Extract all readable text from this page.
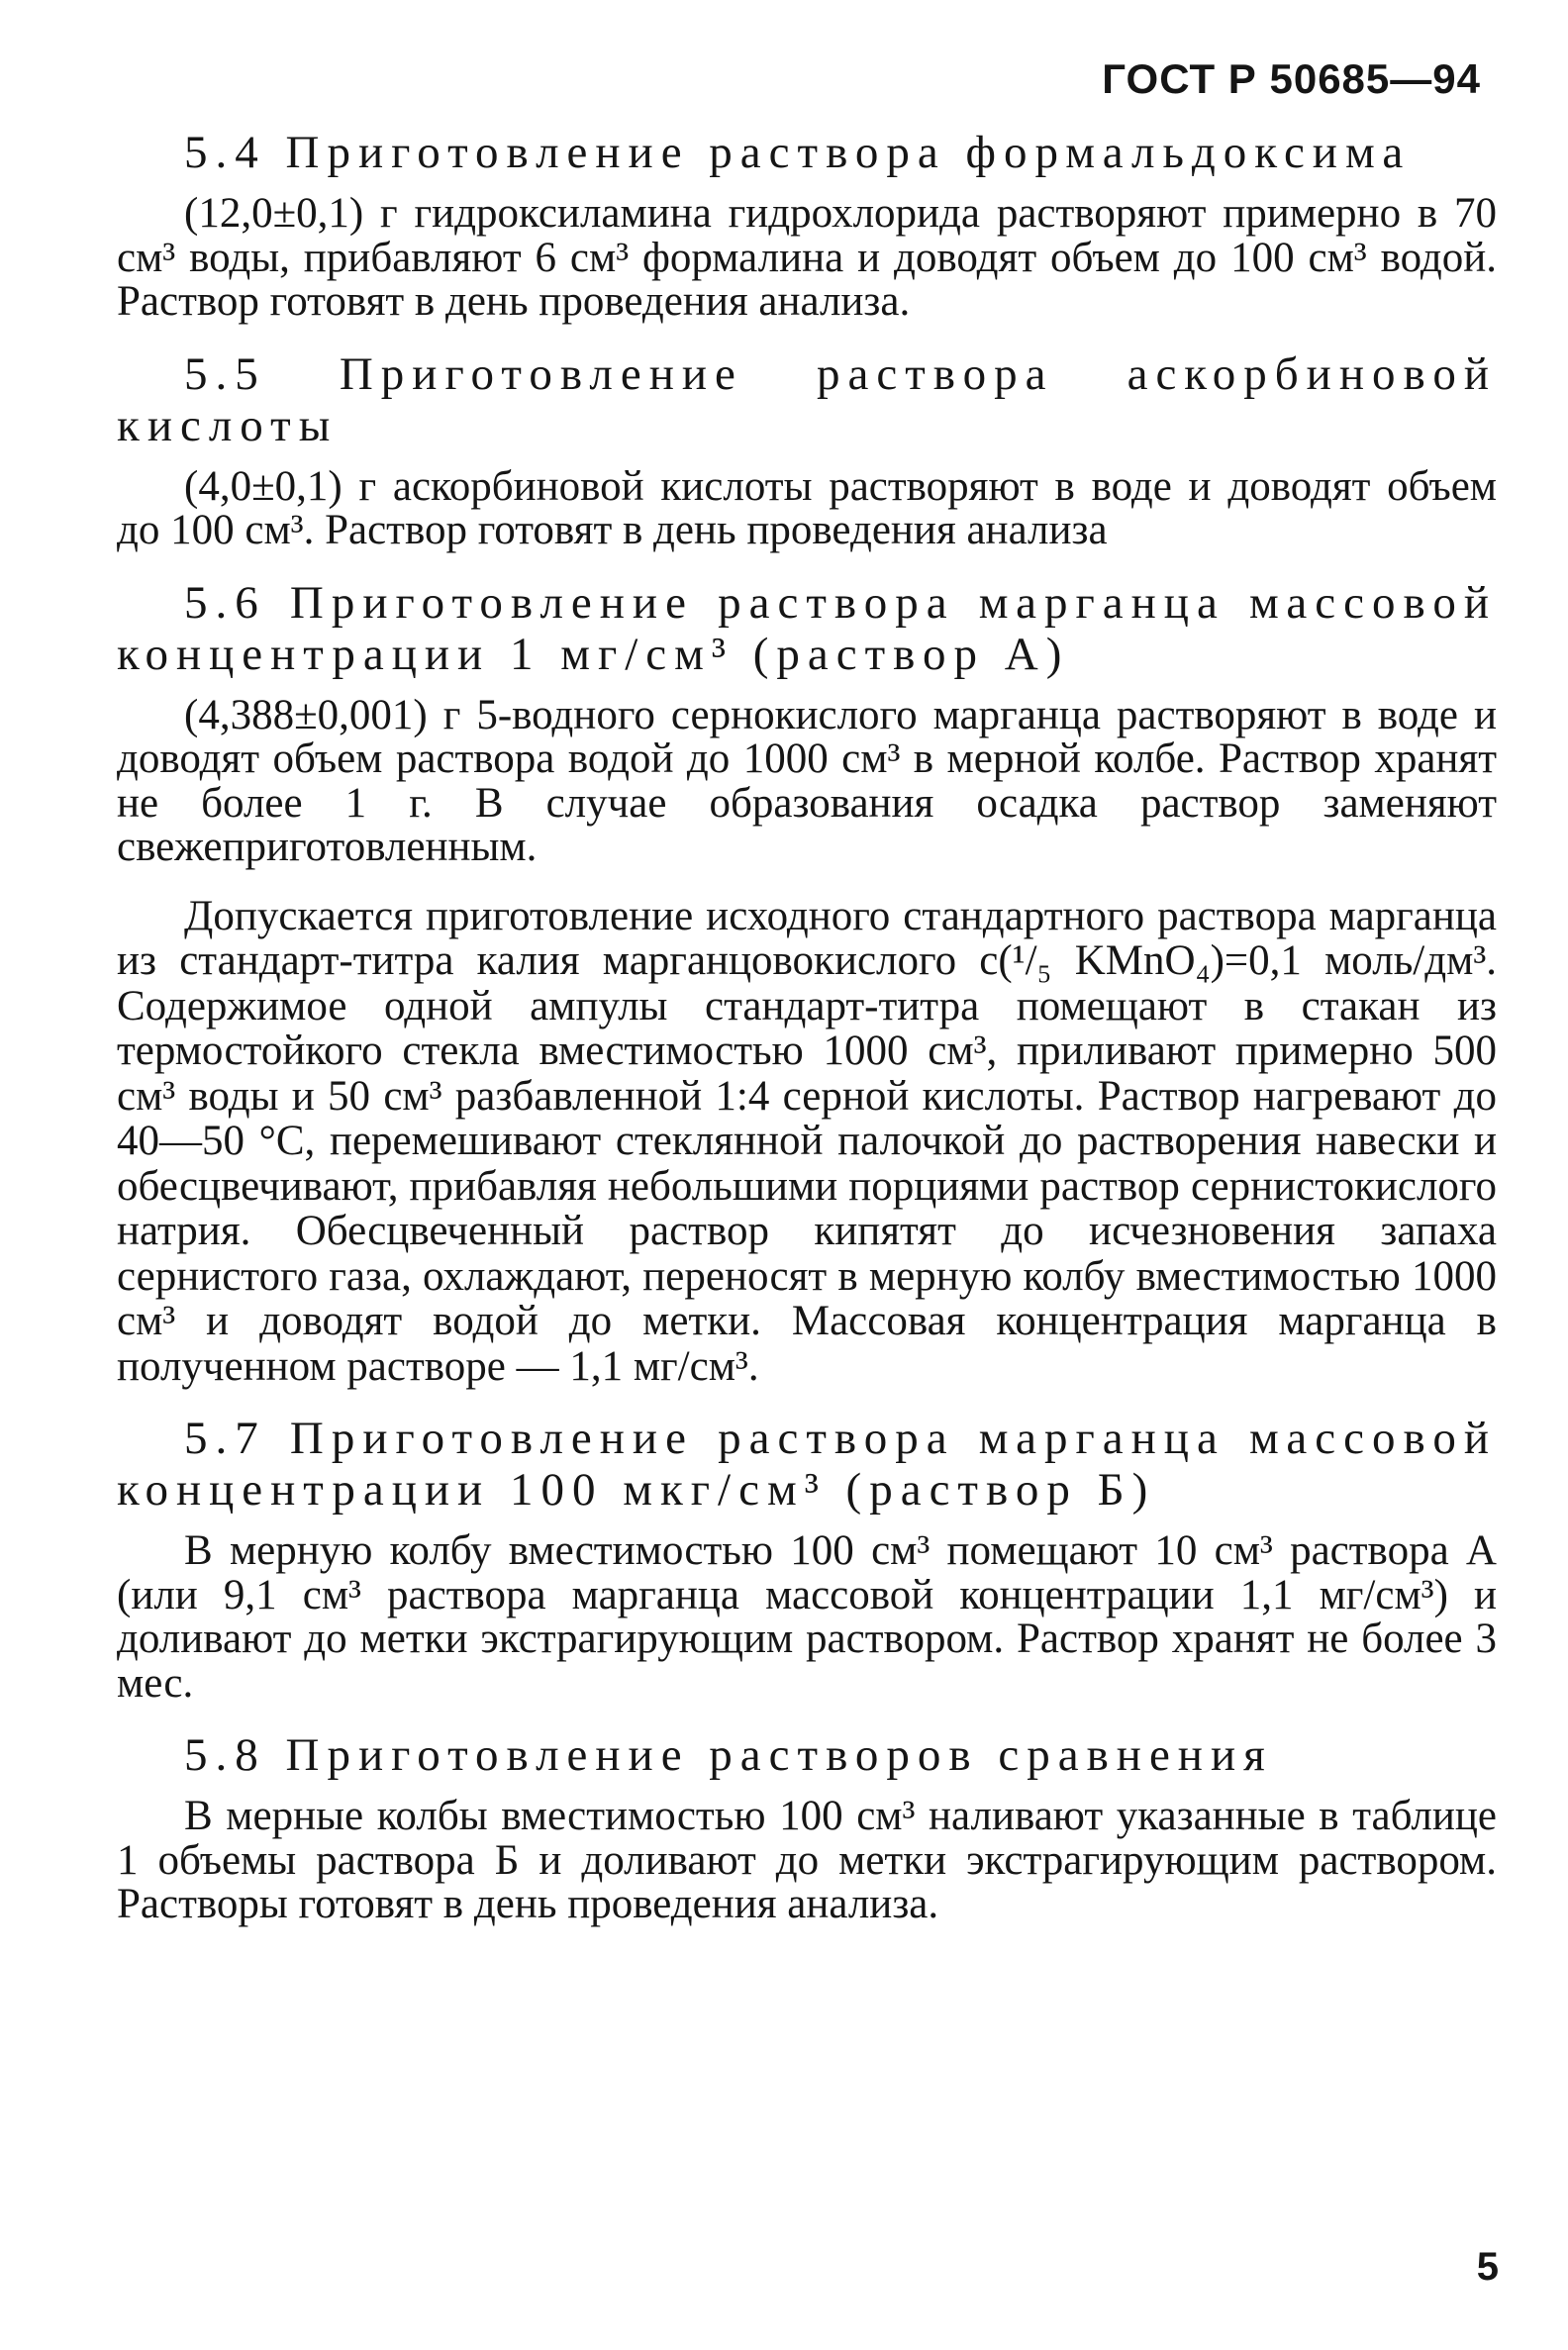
ГОСТ Р 50685—94
5.4 Приготовление раствора формальдоксима

(12,0±0,1) г гидроксиламина гидрохлорида растворяют примерно в 70 см³ воды, прибавляют 6 см³ формалина и доводят объем до 100 см³ водой. Раствор готовят в день проведения анализа.

5.5 Приготовление раствора аскорбиновой кислоты

(4,0±0,1) г аскорбиновой кислоты растворяют в воде и доводят объем до 100 см³. Раствор готовят в день проведения анализа

5.6 Приготовление раствора марганца массовой концентрации 1 мг/см³ (раствор А)

(4,388±0,001) г 5-водного сернокислого марганца растворяют в воде и доводят объем раствора водой до 1000 см³ в мерной колбе. Раствор хранят не более 1 г. В случае образования осадка раствор заменяют свежеприготовленным.

Допускается приготовление исходного стандартного раствора марганца из стандарт-титра калия марганцовокислого с(¹/₅ KMnO₄)=0,1 моль/дм³. Содержимое одной ампулы стандарт-титра помещают в стакан из термостойкого стекла вместимостью 1000 см³, приливают примерно 500 см³ воды и 50 см³ разбавленной 1:4 серной кислоты. Раствор нагревают до 40—50 °С, перемешивают стеклянной палочкой до растворения навески и обесцвечивают, прибавляя небольшими порциями раствор сернистокислого натрия. Обесцвеченный раствор кипятят до исчезновения запаха сернистого газа, охлаждают, переносят в мерную колбу вместимостью 1000 см³ и доводят водой до метки. Массовая концентрация марганца в полученном растворе — 1,1 мг/см³.

5.7 Приготовление раствора марганца массовой концентрации 100 мкг/см³ (раствор Б)

В мерную колбу вместимостью 100 см³ помещают 10 см³ раствора А (или 9,1 см³ раствора марганца массовой концентрации 1,1 мг/см³) и доливают до метки экстрагирующим раствором. Раствор хранят не более 3 мес.

5.8 Приготовление растворов сравнения

В мерные колбы вместимостью 100 см³ наливают указанные в таблице 1 объемы раствора Б и доливают до метки экстрагирующим раствором. Растворы готовят в день проведения анализа.

5
